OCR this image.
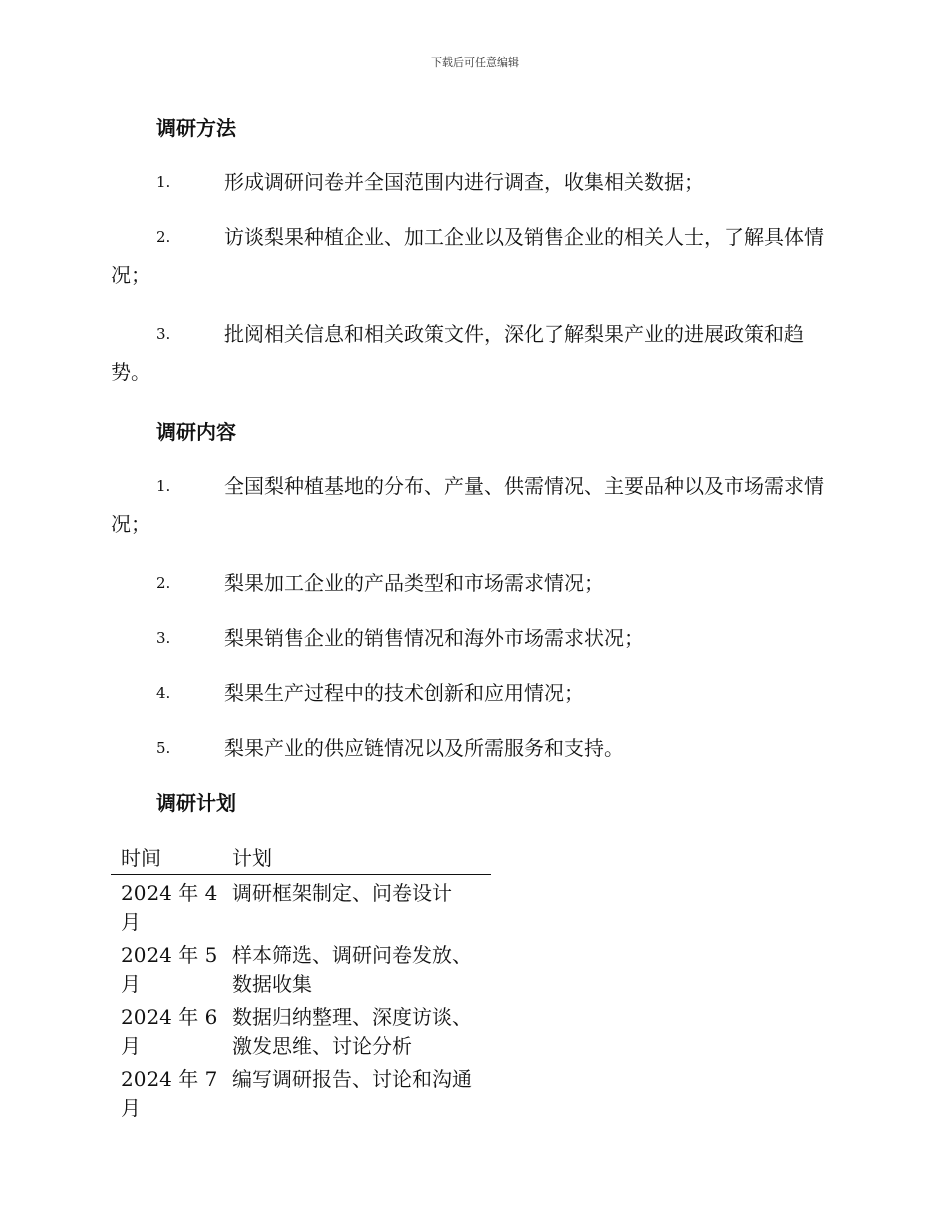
下载后可任意编辑
调研方法
1.	形成调研问卷并全国范围内进行调查，收集相关数据；
2.	访谈梨果种植企业、加工企业以及销售企业的相关人士，了解具体情况；
3.	批阅相关信息和相关政策文件，深化了解梨果产业的进展政策和趋势。
调研内容
1.	全国梨种植基地的分布、产量、供需情况、主要品种以及市场需求情况；
2.	梨果加工企业的产品类型和市场需求情况；
3.	梨果销售企业的销售情况和海外市场需求状况；
4.	梨果生产过程中的技术创新和应用情况；
5.	梨果产业的供应链情况以及所需服务和支持。
调研计划
时间	计划
2024 年 4 月	调研框架制定、问卷设计
2024 年 5 月	样本筛选、调研问卷发放、数据收集
2024 年 6 月	数据归纳整理、深度访谈、激发思维、讨论分析
2024 年 7 月	编写调研报告、讨论和沟通
